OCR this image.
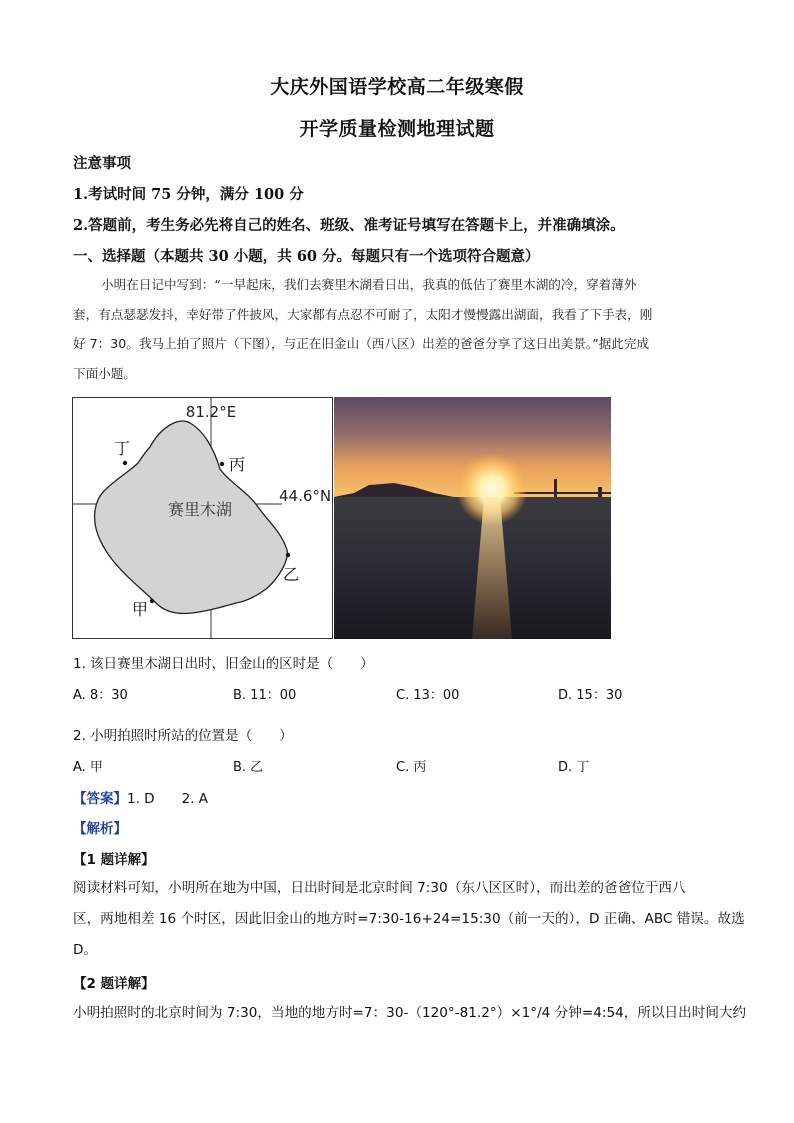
大庆外国语学校高二年级寒假
开学质量检测地理试题
注意事项
1.考试时间 75 分钟，满分 100 分
2.答题前，考生务必先将自己的姓名、班级、准考证号填写在答题卡上，并准确填涂。
一、选择题（本题共 30 小题，共 60 分。每题只有一个选项符合题意）
小明在日记中写到：“一早起床，我们去赛里木湖看日出，我真的低估了赛里木湖的冷，穿着薄外
套，有点瑟瑟发抖，幸好带了件披风，大家都有点忍不可耐了，太阳才慢慢露出湖面，我看了下手表，刚
好 7：30。我马上拍了照片（下图），与正在旧金山（西八区）出差的爸爸分享了这日出美景。”据此完成
下面小题。
81.2°E
44.6°N
赛里木湖
丁
丙
乙
甲
1. 该日赛里木湖日出时，旧金山的区时是（　　）
A. 8：30	B. 11：00	C. 13：00	D. 15：30
2. 小明拍照时所站的位置是（　　）
A. 甲	B. 乙	C. 丙	D. 丁
【答案】1. D　　2. A
【解析】
【1 题详解】
阅读材料可知，小明所在地为中国，日出时间是北京时间 7:30（东八区区时），而出差的爸爸位于西八
区，两地相差 16 个时区，因此旧金山的地方时=7:30-16+24=15:30（前一天的），D 正确、ABC 错误。故选
D。
【2 题详解】
小明拍照时的北京时间为 7:30，当地的地方时=7：30-（120°-81.2°）×1°/4 分钟=4:54，所以日出时间大约
